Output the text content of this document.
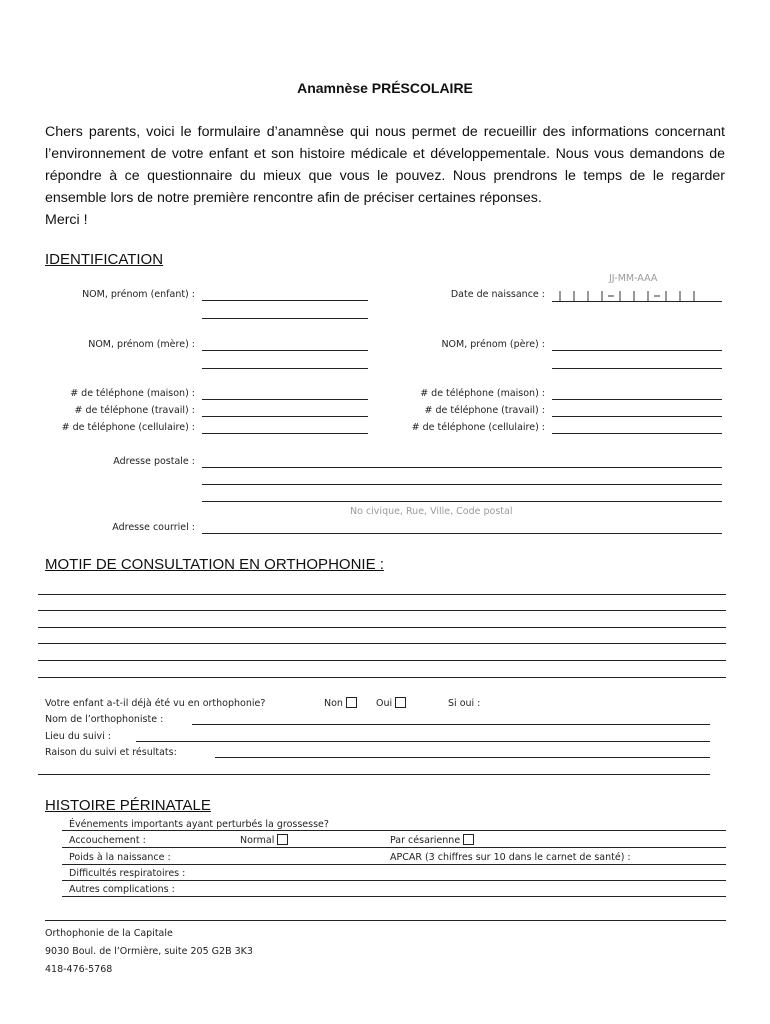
Anamnèse PRÉSCOLAIRE

Chers parents, voici le formulaire d’anamnèse qui nous permet de recueillir des informations concernant l’environnement de votre enfant et son histoire médicale et développementale. Nous vous demandons de répondre à ce questionnaire du mieux que vous le pouvez. Nous prendrons le temps de le regarder ensemble lors de notre première rencontre afin de préciser certaines réponses.

Merci !

IDENTIFICATION
NOM, prénom (enfant) :
JJ-MM-AAA
Date de naissance :
NOM, prénom (mère) :	NOM, prénom (père) :
# de téléphone (maison) :
# de téléphone (travail) :
# de téléphone (cellulaire) :
# de téléphone (maison) :
# de téléphone (travail) :
# de téléphone (cellulaire) :
Adresse postale :
No civique, Rue, Ville, Code postal
Adresse courriel :
MOTIF DE CONSULTATION EN ORTHOPHONIE :
Votre enfant a-t-il déjà été vu en orthophonie?	Non	Oui	Si oui :
Nom de l’orthophoniste :
Lieu du suivi :
Raison du suivi et résultats:
HISTOIRE PÉRINATALE
Événements importants ayant perturbés la grossesse?
Accouchement :	Normal	Par césarienne
Poids à la naissance :	APCAR (3 chiffres sur 10 dans le carnet de santé) :
Difficultés respiratoires :
Autres complications :
Orthophonie de la Capitale
9030 Boul. de l’Ormière, suite 205 G2B 3K3
418-476-5768
